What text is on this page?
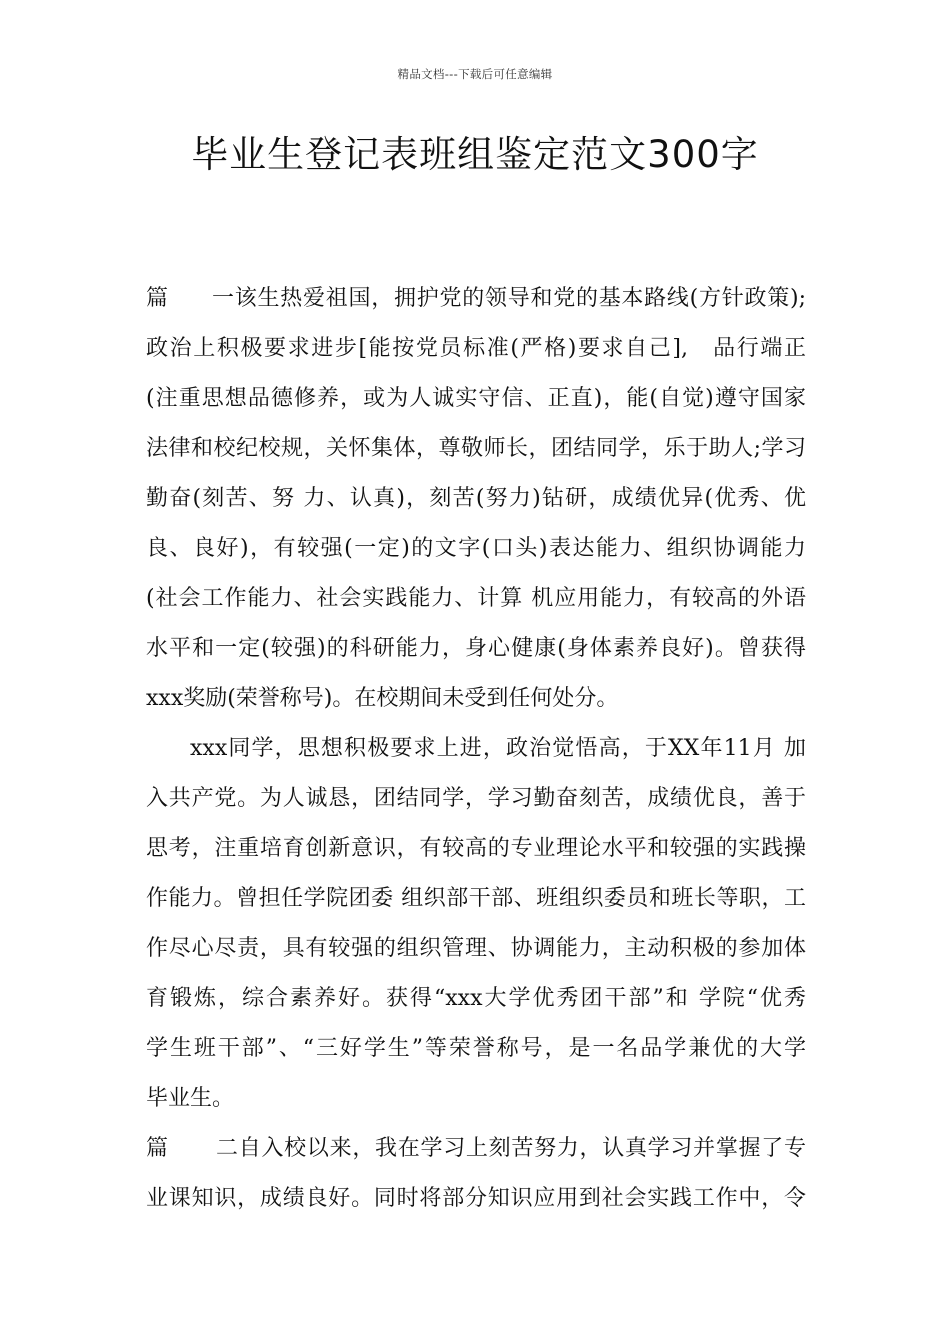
精品文档---下载后可任意编辑
毕业生登记表班组鉴定范文300字
篇一该生热爱祖国，拥护党的领导和党的基本路线(方针政策);
政治上积极要求进步[能按党员标准(严格)要求自己],　品行端正
(注重思想品德修养，或为人诚实守信、正直)，能(自觉)遵守国家
法律和校纪校规，关怀集体，尊敬师长，团结同学，乐于助人;学习
勤奋(刻苦、努 力、认真)，刻苦(努力)钻研，成绩优异(优秀、优
良、良好)，有较强(一定)的文字(口头)表达能力、组织协调能力
(社会工作能力、社会实践能力、计算 机应用能力，有较高的外语
水平和一定(较强)的科研能力，身心健康(身体素养良好)。曾获得
xxx奖励(荣誉称号)。在校期间未受到任何处分。
xxx同学，思想积极要求上进，政治觉悟高，于XX年11月 加
入共产党。为人诚恳，团结同学，学习勤奋刻苦，成绩优良，善于
思考，注重培育创新意识，有较高的专业理论水平和较强的实践操
作能力。曾担任学院团委 组织部干部、班组织委员和班长等职，工
作尽心尽责，具有较强的组织管理、协调能力，主动积极的参加体
育锻炼，综合素养好。获得“xxx大学优秀团干部”和 学院“优秀
学生班干部”、“三好学生”等荣誉称号，是一名品学兼优的大学
毕业生。
篇二自入校以来，我在学习上刻苦努力，认真学习并掌握了专
业课知识，成绩良好。同时将部分知识应用到社会实践工作中，令
